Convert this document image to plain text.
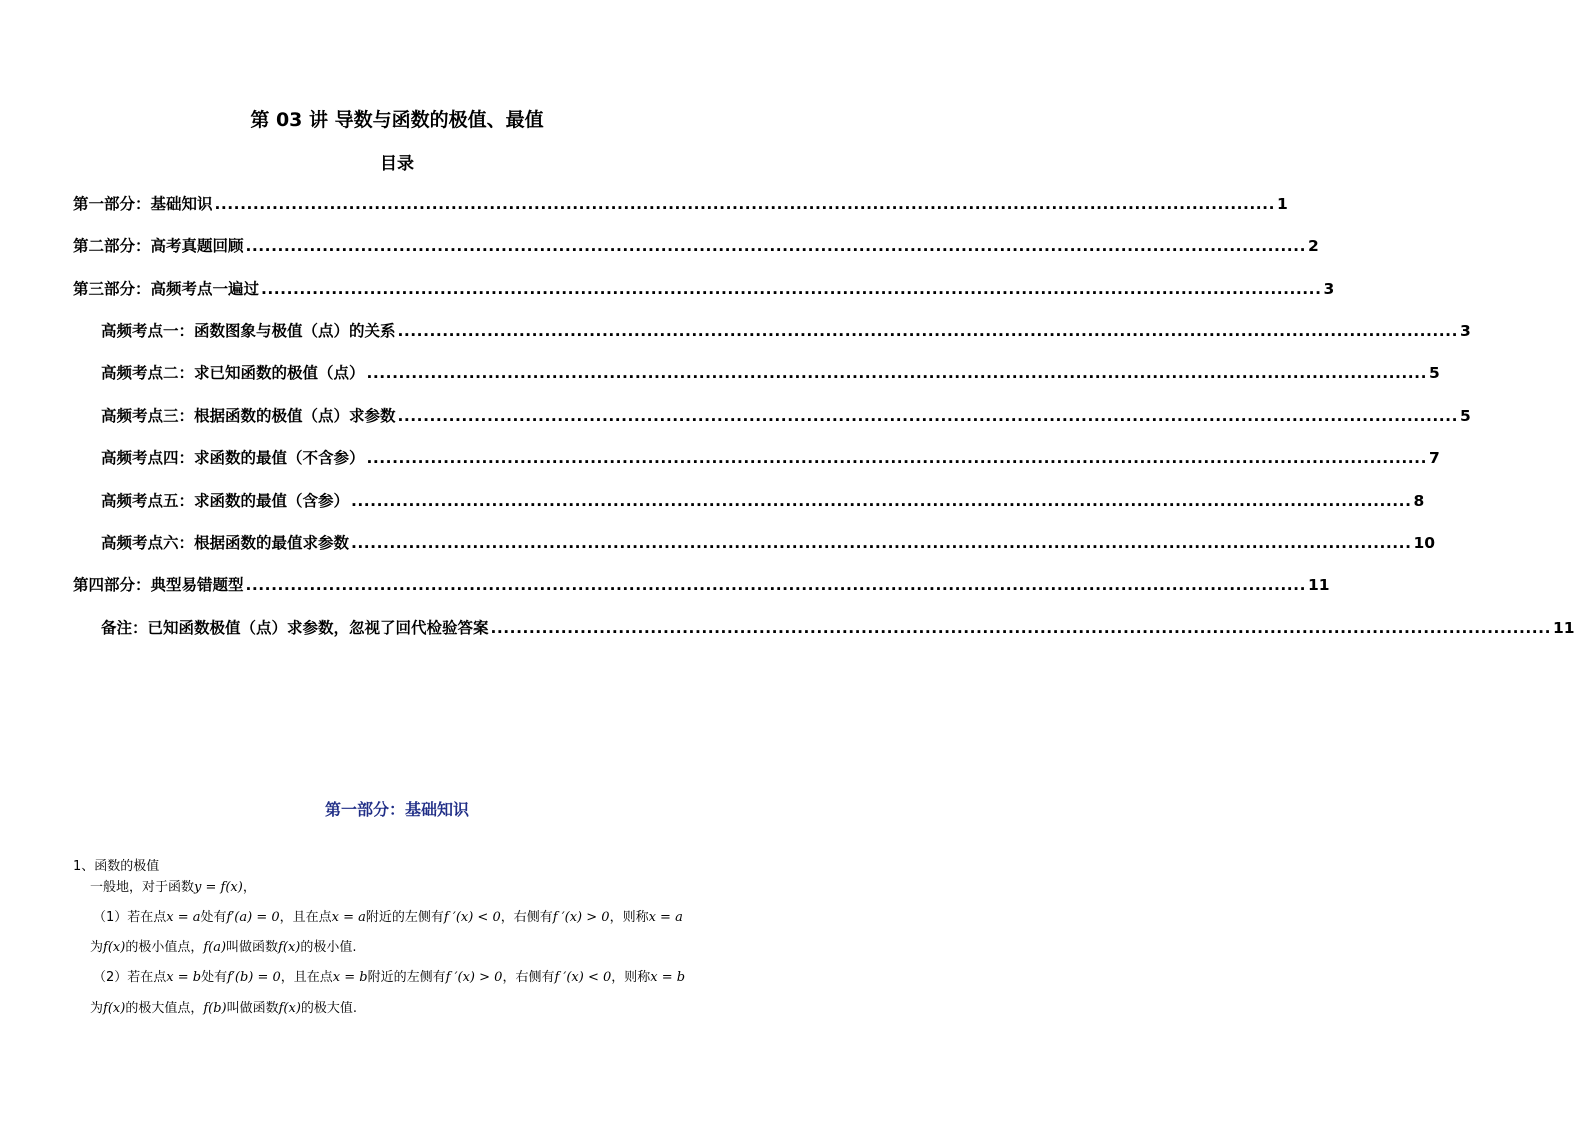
第 03 讲 导数与函数的极值、最值
目录
第一部分：基础知识 ...................................................................................................................................................................... 1
第二部分：高考真题回顾 ...................................................................................................................................................................... 2
第三部分：高频考点一遍过 ...................................................................................................................................................................... 3
高频考点一：函数图象与极值（点）的关系 ...................................................................................................................................................................... 3
高频考点二：求已知函数的极值（点） ...................................................................................................................................................................... 5
高频考点三：根据函数的极值（点）求参数 ...................................................................................................................................................................... 5
高频考点四：求函数的最值（不含参） ...................................................................................................................................................................... 7
高频考点五：求函数的最值（含参） ...................................................................................................................................................................... 8
高频考点六：根据函数的最值求参数 ...................................................................................................................................................................... 10
第四部分：典型易错题型 ...................................................................................................................................................................... 11
备注：已知函数极值（点）求参数，忽视了回代检验答案 ...................................................................................................................................................................... 11
第一部分：基础知识
1、函数的极值
一般地，对于函数y = f(x)，
（1）若在点x = a处有f′(a) = 0，且在点x = a附近的左侧有f ′(x) < 0，右侧有f ′(x) > 0，则称x = a
为f(x)的极小值点，f(a)叫做函数f(x)的极小值.
（2）若在点x = b处有f′(b) = 0，且在点x = b附近的左侧有f ′(x) > 0，右侧有f ′(x) < 0，则称x = b
为f(x)的极大值点，f(b)叫做函数f(x)的极大值.
